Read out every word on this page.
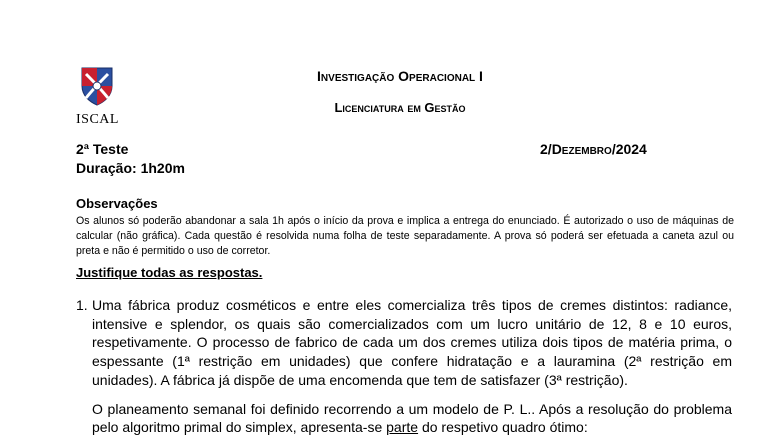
ISCAL
Investigação Operacional I
Licenciatura em Gestão
2ª Teste
Duração: 1h20m
2/Dezembro/2024
Observações
Os alunos só poderão abandonar a sala 1h após o início da prova e implica a entrega do enunciado. É autorizado o uso de máquinas de calcular (não gráfica). Cada questão é resolvida numa folha de teste separadamente. A prova só poderá ser efetuada a caneta azul ou preta e não é permitido o uso de corretor.
Justifique todas as respostas.
1. Uma fábrica produz cosméticos e entre eles comercializa três tipos de cremes distintos: radiance, intensive e splendor, os quais são comercializados com um lucro unitário de 12, 8 e 10 euros, respetivamente. O processo de fabrico de cada um dos cremes utiliza dois tipos de matéria prima, o espessante (1ª restrição em unidades) que confere hidratação e a lauramina (2ª restrição em unidades). A fábrica já dispõe de uma encomenda que tem de satisfazer (3ª restrição).

O planeamento semanal foi definido recorrendo a um modelo de P. L.. Após a resolução do problema pelo algoritmo primal do simplex, apresenta-se parte do respetivo quadro ótimo:
